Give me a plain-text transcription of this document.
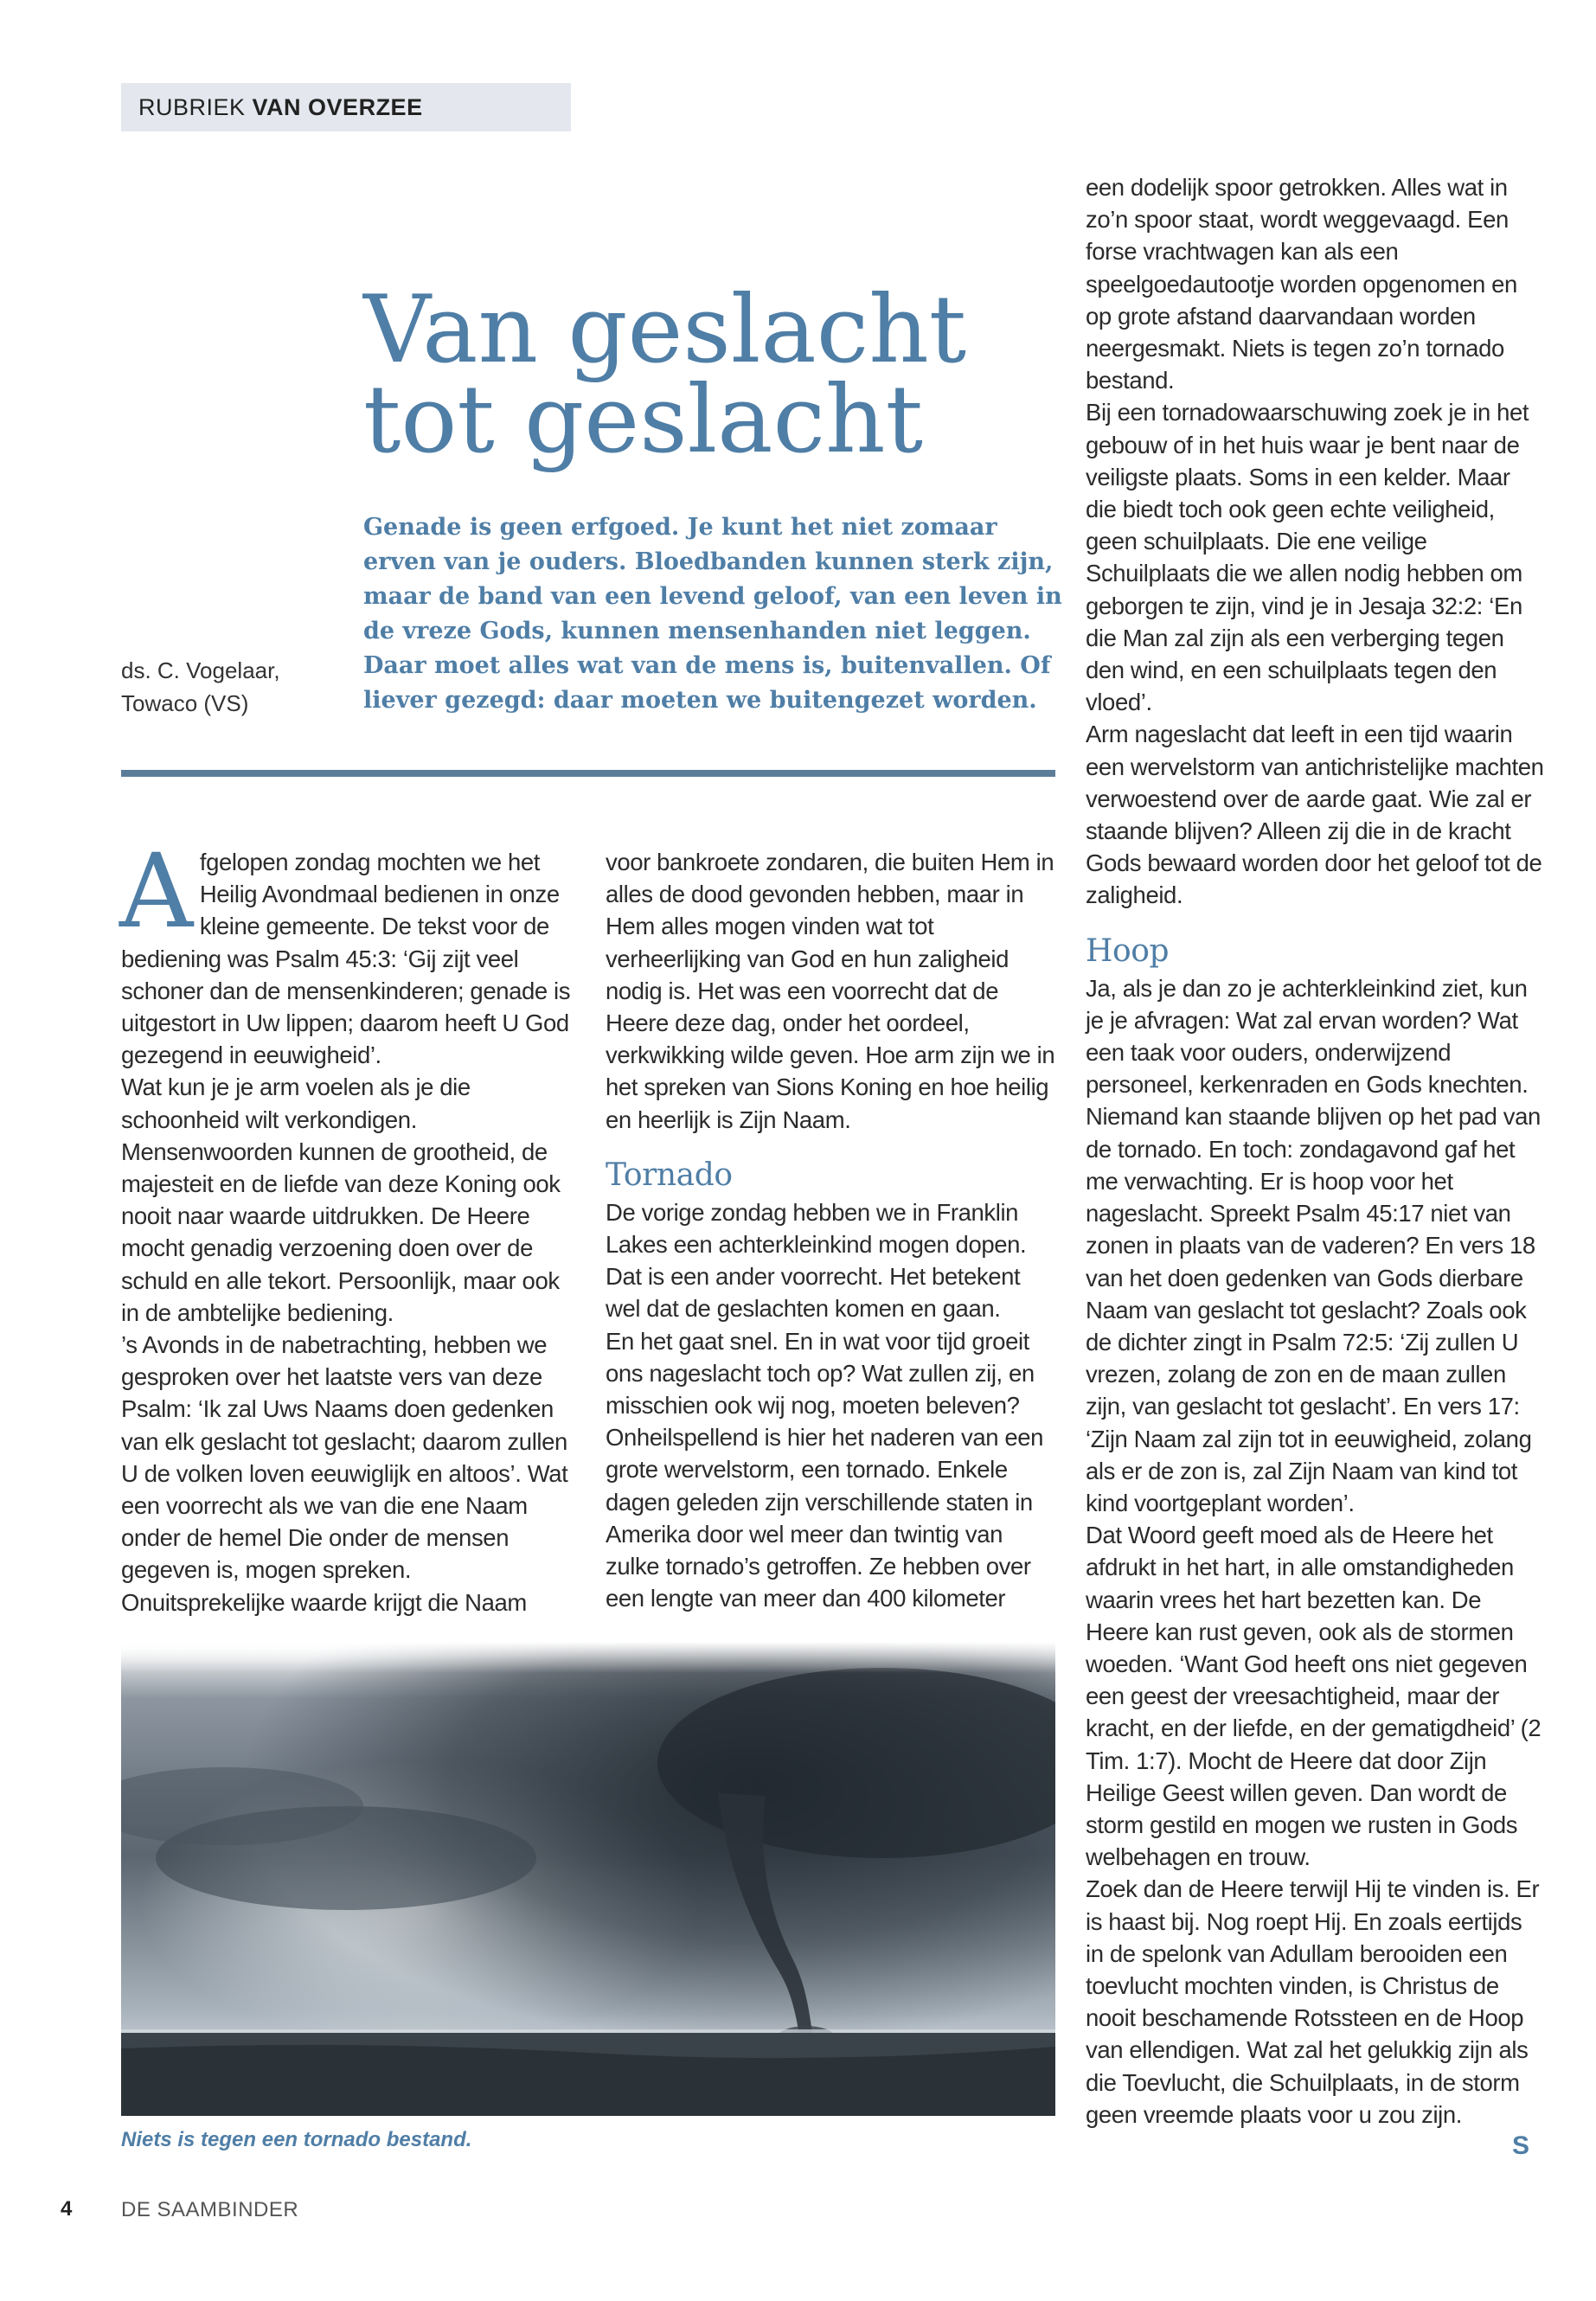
RUBRIEK VAN OVERZEE
Van geslacht
tot geslacht
Genade is geen erfgoed. Je kunt het niet zomaar erven van je ouders. Bloedbanden kunnen sterk zijn, maar de band van een levend geloof, van een leven in de vreze Gods, kunnen mensenhanden niet leggen. Daar moet alles wat van de mens is, buitenvallen. Of liever gezegd: daar moeten we buitengezet worden.
ds. C. Vogelaar,
Towaco (VS)

Afgelopen zondag mochten we het Heilig Avondmaal bedienen in onze kleine gemeente. De tekst voor de bediening was Psalm 45:3: ‘Gij zijt veel schoner dan de mensenkinderen; genade is uitgestort in Uw lippen; daarom heeft U God gezegend in eeuwigheid’.

Wat kun je je arm voelen als je die schoonheid wilt verkondigen. Mensenwoorden kunnen de grootheid, de majesteit en de liefde van deze Koning ook nooit naar waarde uitdrukken. De Heere mocht genadig verzoening doen over de schuld en alle tekort. Persoonlijk, maar ook in de ambtelijke bediening.

’s Avonds in de nabetrachting, hebben we gesproken over het laatste vers van deze Psalm: ‘Ik zal Uws Naams doen gedenken van elk geslacht tot geslacht; daarom zullen U de volken loven eeuwiglijk en altoos’. Wat een voorrecht als we van die ene Naam onder de hemel Die onder de mensen gegeven is, mogen spreken. Onuitsprekelijke waarde krijgt die Naam

voor bankroete zondaren, die buiten Hem in alles de dood gevonden hebben, maar in Hem alles mogen vinden wat tot verheerlijking van God en hun zaligheid nodig is. Het was een voorrecht dat de Heere deze dag, onder het oordeel, verkwikking wilde geven. Hoe arm zijn we in het spreken van Sions Koning en hoe heilig en heerlijk is Zijn Naam.

Tornado

De vorige zondag hebben we in Franklin Lakes een achterkleinkind mogen dopen. Dat is een ander voorrecht. Het betekent wel dat de geslachten komen en gaan.

En het gaat snel. En in wat voor tijd groeit ons nageslacht toch op? Wat zullen zij, en misschien ook wij nog, moeten beleven? Onheilspellend is hier het naderen van een grote wervelstorm, een tornado. Enkele dagen geleden zijn verschillende staten in Amerika door wel meer dan twintig van zulke tornado’s getroffen. Ze hebben over een lengte van meer dan 400 kilometer

een dodelijk spoor getrokken. Alles wat in zo’n spoor staat, wordt weggevaagd. Een forse vrachtwagen kan als een speelgoedautootje worden opgenomen en op grote afstand daarvandaan worden neergesmakt. Niets is tegen zo’n tornado bestand.

Bij een tornadowaarschuwing zoek je in het gebouw of in het huis waar je bent naar de veiligste plaats. Soms in een kelder. Maar die biedt toch ook geen echte veiligheid, geen schuilplaats. Die ene veilige Schuilplaats die we allen nodig hebben om geborgen te zijn, vind je in Jesaja 32:2: ‘En die Man zal zijn als een verberging tegen den wind, en een schuilplaats tegen den vloed’.

Arm nageslacht dat leeft in een tijd waarin een wervelstorm van antichristelijke machten verwoestend over de aarde gaat. Wie zal er staande blijven? Alleen zij die in de kracht Gods bewaard worden door het geloof tot de zaligheid.

Hoop

Ja, als je dan zo je achterkleinkind ziet, kun je je afvragen: Wat zal ervan worden? Wat een taak voor ouders, onderwijzend personeel, kerkenraden en Gods knechten. Niemand kan staande blijven op het pad van de tornado. En toch: zondagavond gaf het me verwachting. Er is hoop voor het nageslacht. Spreekt Psalm 45:17 niet van zonen in plaats van de vaderen? En vers 18 van het doen gedenken van Gods dierbare Naam van geslacht tot geslacht? Zoals ook de dichter zingt in Psalm 72:5: ‘Zij zullen U vrezen, zolang de zon en de maan zullen zijn, van geslacht tot geslacht’. En vers 17: ‘Zijn Naam zal zijn tot in eeuwigheid, zolang als er de zon is, zal Zijn Naam van kind tot kind voortgeplant worden’.

Dat Woord geeft moed als de Heere het afdrukt in het hart, in alle omstandigheden waarin vrees het hart bezetten kan. De Heere kan rust geven, ook als de stormen woeden. ‘Want God heeft ons niet gegeven een geest der vreesachtigheid, maar der kracht, en der liefde, en der gematigdheid’ (2 Tim. 1:7). Mocht de Heere dat door Zijn Heilige Geest willen geven. Dan wordt de storm gestild en mogen we rusten in Gods welbehagen en trouw.

Zoek dan de Heere terwijl Hij te vinden is. Er is haast bij. Nog roept Hij. En zoals eertijds in de spelonk van Adullam berooiden een toevlucht mochten vinden, is Christus de nooit beschamende Rotssteen en de Hoop van ellendigen. Wat zal het gelukkig zijn als die Toevlucht, die Schuilplaats, in de storm geen vreemde plaats voor u zou zijn.

Niets is tegen een tornado bestand.	S
4 DE SAAMBINDER
